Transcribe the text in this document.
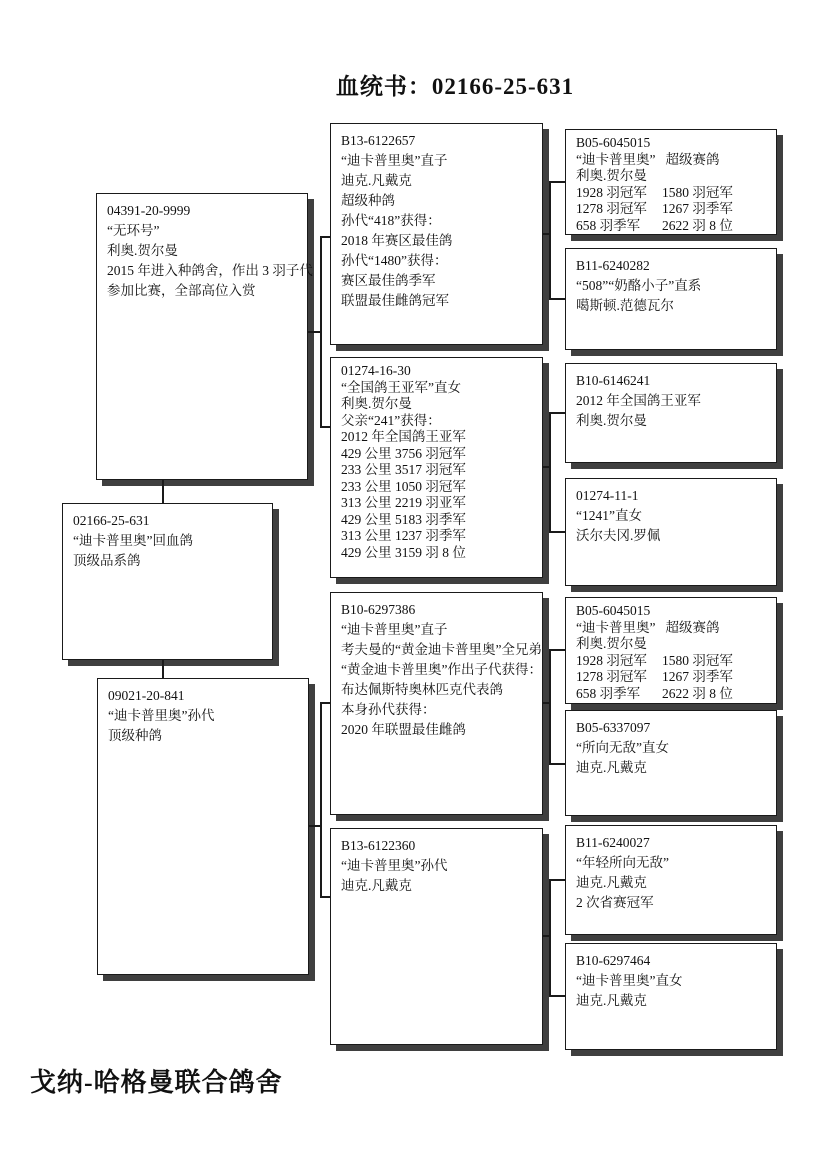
血统书：02166-25-631
02166-25-631
“迪卡普里奥”回血鸽
顶级品系鸽
04391-20-9999
“无环号”
利奥.贺尔曼
2015 年进入种鸽舍，作出 3 羽子代
参加比赛，全部高位入赏
09021-20-841
“迪卡普里奥”孙代
顶级种鸽
B13-6122657
“迪卡普里奥”直子
迪克.凡戴克
超级种鸽
孙代“418”获得：
2018 年赛区最佳鸽
孙代“1480”获得：
赛区最佳鸽季军
联盟最佳雌鸽冠军
01274-16-30
“全国鸽王亚军”直女
利奥.贺尔曼
父亲“241”获得：
2012 年全国鸽王亚军
429 公里 3756 羽冠军
233 公里 3517 羽冠军
233 公里 1050 羽冠军
313 公里 2219 羽亚军
429 公里 5183 羽季军
313 公里 1237 羽季军
429 公里 3159 羽 8 位
B10-6297386
“迪卡普里奥”直子
考夫曼的“黄金迪卡普里奥”全兄弟
“黄金迪卡普里奥”作出子代获得：
布达佩斯特奥林匹克代表鸽
本身孙代获得：
2020 年联盟最佳雌鸽
B13-6122360
“迪卡普里奥”孙代
迪克.凡戴克
B05-6045015
“迪卡普里奥” 超级赛鸽
利奥.贺尔曼
1928 羽冠军 1580 羽冠军
1278 羽冠军 1267 羽季军
658 羽季军 2622 羽 8 位
B11-6240282
“508”“奶酪小子”直系
噶斯顿.范德瓦尔
B10-6146241
2012 年全国鸽王亚军
利奥.贺尔曼
01274-11-1
“1241”直女
沃尔夫冈.罗佩
B05-6045015
“迪卡普里奥” 超级赛鸽
利奥.贺尔曼
1928 羽冠军 1580 羽冠军
1278 羽冠军 1267 羽季军
658 羽季军 2622 羽 8 位
B05-6337097
“所向无敌”直女
迪克.凡戴克
B11-6240027
“年轻所向无敌”
迪克.凡戴克
2 次省赛冠军
B10-6297464
“迪卡普里奥”直女
迪克.凡戴克
戈纳-哈格曼联合鸽舍
